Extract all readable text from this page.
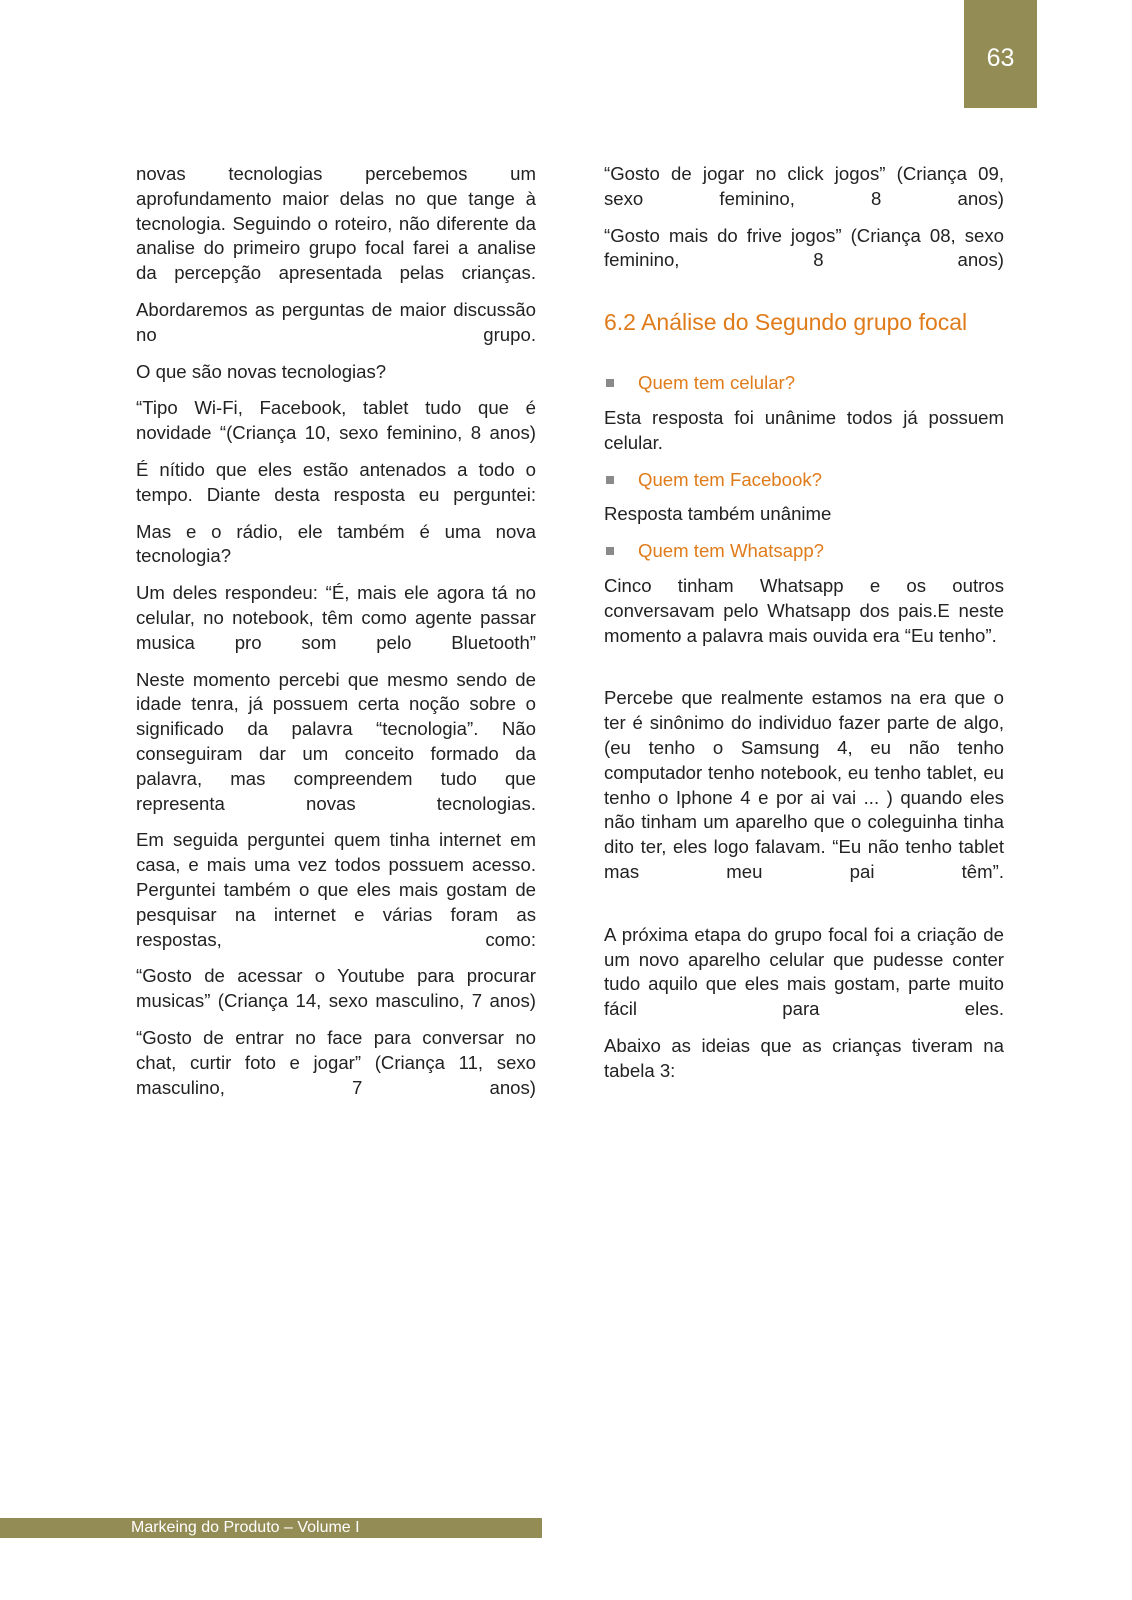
63

novas tecnologias percebemos um aprofundamento maior delas no que tange à tecnologia. Seguindo o roteiro, não diferente da analise do primeiro grupo focal farei a analise da percepção apresentada pelas crianças.

Abordaremos as perguntas de maior discussão no grupo.

O que são novas tecnologias?

“Tipo Wi-Fi, Facebook, tablet tudo que é novidade “(Criança 10, sexo feminino, 8 anos)

É nítido que eles estão antenados a todo o tempo. Diante desta resposta eu perguntei:

Mas e o rádio, ele também é uma nova tecnologia?

Um deles respondeu: “É, mais ele agora tá no celular, no notebook, têm como agente passar musica pro som pelo Bluetooth”

Neste momento percebi que mesmo sendo de idade tenra, já possuem certa noção sobre o significado da palavra “tecnologia”. Não conseguiram dar um conceito formado da palavra, mas compreendem tudo que representa novas tecnologias.

Em seguida perguntei quem tinha internet em casa, e mais uma vez todos possuem acesso. Perguntei também o que eles mais gostam de pesquisar na internet e várias foram as respostas, como:

“Gosto de acessar o Youtube para procurar musicas” (Criança 14, sexo masculino, 7 anos)

“Gosto de entrar no face para conversar no chat, curtir foto e jogar” (Criança 11, sexo masculino, 7 anos)

“Gosto de jogar no click jogos” (Criança 09, sexo feminino, 8 anos)

“Gosto mais do frive jogos” (Criança 08, sexo feminino, 8 anos)

6.2 Análise do Segundo grupo focal
Quem tem celular?

Esta resposta foi unânime todos já possuem celular.

Quem tem Facebook?

Resposta também unânime

Quem tem Whatsapp?

Cinco tinham Whatsapp e os outros conversavam pelo Whatsapp dos pais.E neste momento a palavra mais ouvida era “Eu tenho”.

Percebe que realmente estamos na era que o ter é sinônimo do individuo fazer parte de algo, (eu tenho o Samsung 4, eu não tenho computador tenho notebook, eu tenho tablet, eu tenho o Iphone 4 e por ai vai ... ) quando eles não tinham um aparelho que o coleguinha tinha dito ter, eles logo falavam. “Eu não tenho tablet mas meu pai têm”.

A próxima etapa do grupo focal foi a criação de um novo aparelho celular que pudesse conter tudo aquilo que eles mais gostam, parte muito fácil para eles.

Abaixo as ideias que as crianças tiveram na tabela 3:

Markeing do Produto – Volume I
